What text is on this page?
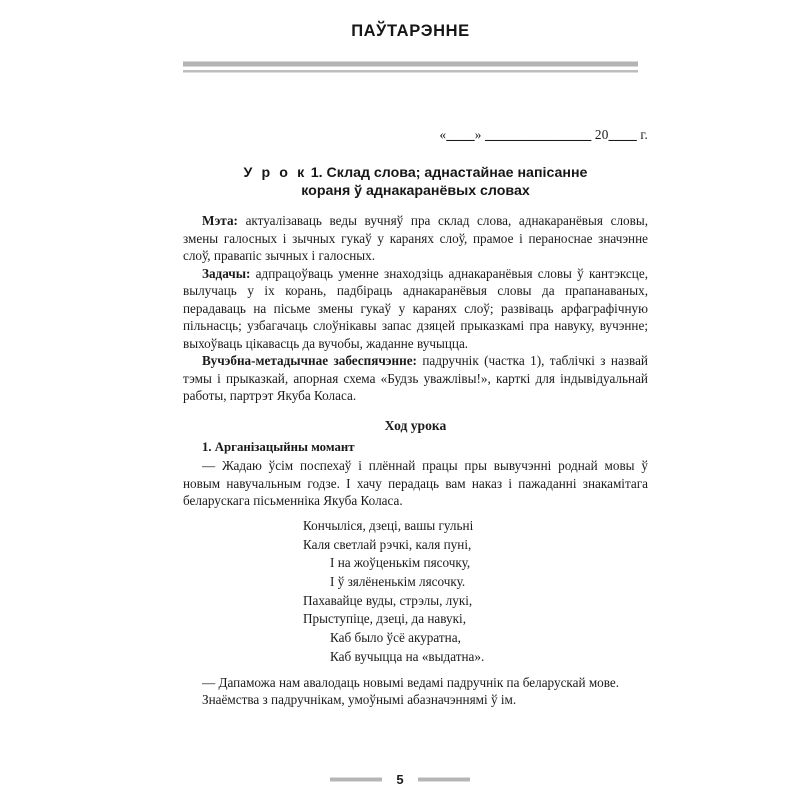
ПАЎТАРЭННЕ
«____» _______________ 20____ г.
У р о к 1. Склад слова; аднастайнае напісанне
кораня ў аднакаранёвых словах

Мэта: актуалізаваць веды вучняў пра склад слова, аднакаранёвыя словы, змены галосных і зычных гукаў у каранях слоў, прамое і пераноснае значэнне слоў, правапіс зычных і галосных.

Задачы: адпрацоўваць уменне знаходзіць аднакаранёвыя словы ў кантэксце, вылучаць у іх корань, падбіраць аднакаранёвыя словы да прапанаваных, перадаваць на пісьме змены гукаў у каранях слоў; развіваць арфаграфічную пільнасць; узбагачаць слоўнікавы запас дзяцей прыказкамі пра навуку, вучэнне; выхоўваць цікавасць да вучобы, жаданне вучыцца.

Вучэбна-метадычнае забеспячэнне: падручнік (частка 1), таблічкі з назвай тэмы і прыказкай, апорная схема «Будзь уважлівы!», карткі для індывідуальнай работы, партрэт Якуба Коласа.

Ход урока

1. Арганізацыйны момант

— Жадаю ўсім поспехаў і плённай працы пры вывучэнні роднай мовы ў новым навучальным годзе. І хачу перадаць вам наказ і пажаданні знакамітага беларускага пісьменніка Якуба Коласа.

Кончыліся, дзеці, вашы гульні
Каля светлай рэчкі, каля пуні,
І на жоўценькім пясочку,
І ў зялёненькім лясочку.
Пахавайце вуды, стрэлы, лукі,
Прыступіце, дзеці, да навукі,
Каб было ўсё акуратна,
Каб вучыцца на «выдатна».

— Дапаможа нам авалодаць новымі ведамі падручнік па беларускай мове.

Знаёмства з падручнікам, умоўнымі абазначэннямі ў ім.

5
